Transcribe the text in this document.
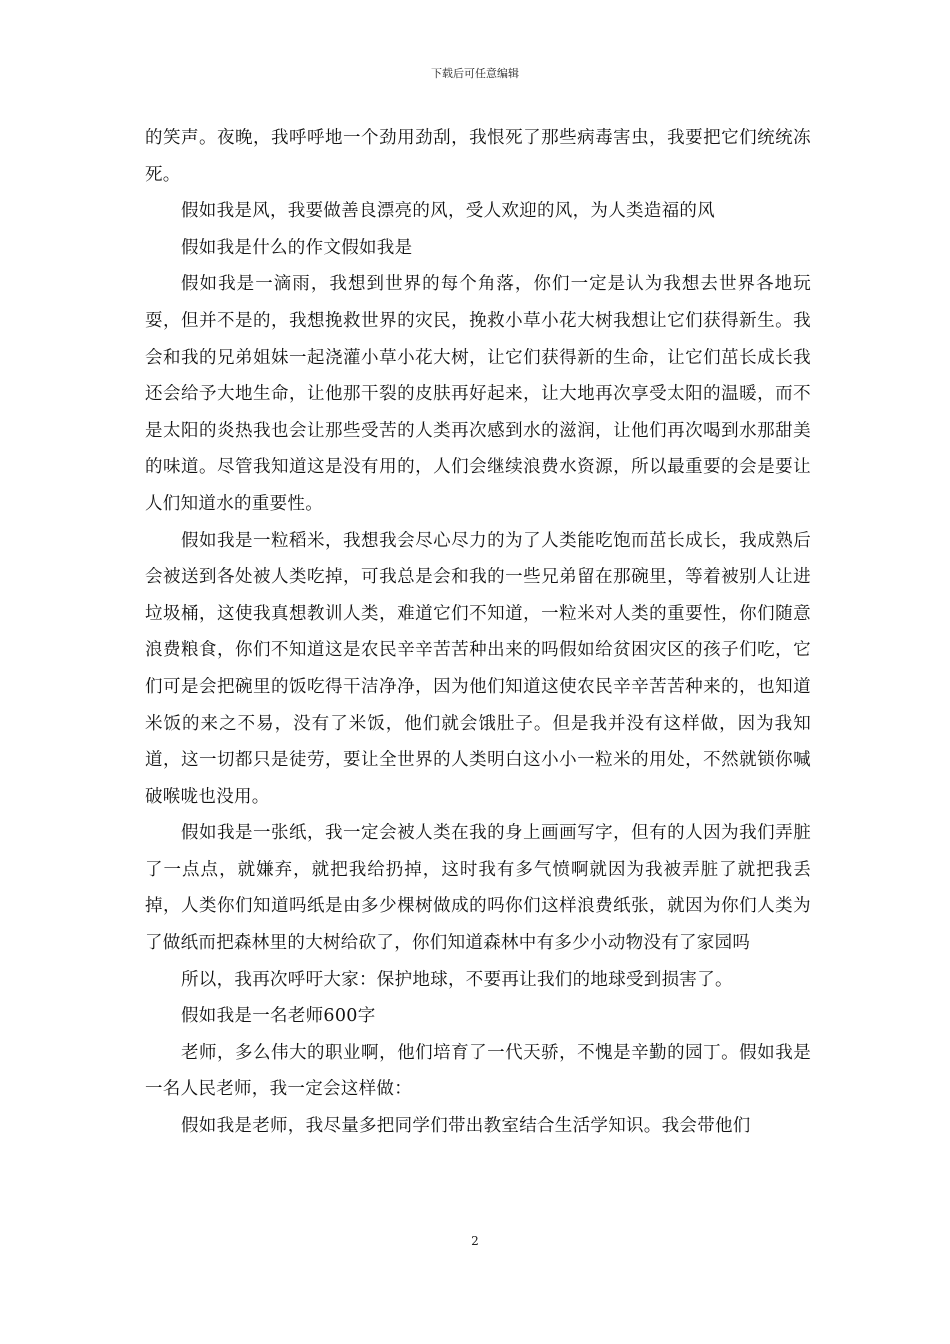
下载后可任意编辑

的笑声。夜晚，我呼呼地一个劲用劲刮，我恨死了那些病毒害虫，我要把它们统统冻死。

假如我是风，我要做善良漂亮的风，受人欢迎的风，为人类造福的风

假如我是什么的作文假如我是

假如我是一滴雨，我想到世界的每个角落，你们一定是认为我想去世界各地玩耍，但并不是的，我想挽救世界的灾民，挽救小草小花大树我想让它们获得新生。我会和我的兄弟姐妹一起浇灌小草小花大树，让它们获得新的生命，让它们茁长成长我还会给予大地生命，让他那干裂的皮肤再好起来，让大地再次享受太阳的温暖，而不是太阳的炎热我也会让那些受苦的人类再次感到水的滋润，让他们再次喝到水那甜美的味道。尽管我知道这是没有用的，人们会继续浪费水资源，所以最重要的会是要让人们知道水的重要性。

假如我是一粒稻米，我想我会尽心尽力的为了人类能吃饱而茁长成长，我成熟后会被送到各处被人类吃掉，可我总是会和我的一些兄弟留在那碗里，等着被别人让进垃圾桶，这使我真想教训人类，难道它们不知道，一粒米对人类的重要性，你们随意浪费粮食，你们不知道这是农民辛辛苦苦种出来的吗假如给贫困灾区的孩子们吃，它们可是会把碗里的饭吃得干洁净净，因为他们知道这使农民辛辛苦苦种来的，也知道米饭的来之不易，没有了米饭，他们就会饿肚子。但是我并没有这样做，因为我知道，这一切都只是徒劳，要让全世界的人类明白这小小一粒米的用处，不然就锁你喊破喉咙也没用。

假如我是一张纸，我一定会被人类在我的身上画画写字，但有的人因为我们弄脏了一点点，就嫌弃，就把我给扔掉，这时我有多气愤啊就因为我被弄脏了就把我丢掉，人类你们知道吗纸是由多少棵树做成的吗你们这样浪费纸张，就因为你们人类为了做纸而把森林里的大树给砍了，你们知道森林中有多少小动物没有了家园吗

所以，我再次呼吁大家：保护地球，不要再让我们的地球受到损害了。

假如我是一名老师600字

老师，多么伟大的职业啊，他们培育了一代天骄，不愧是辛勤的园丁。假如我是一名人民老师，我一定会这样做：

假如我是老师，我尽量多把同学们带出教室结合生活学知识。我会带他们

2
